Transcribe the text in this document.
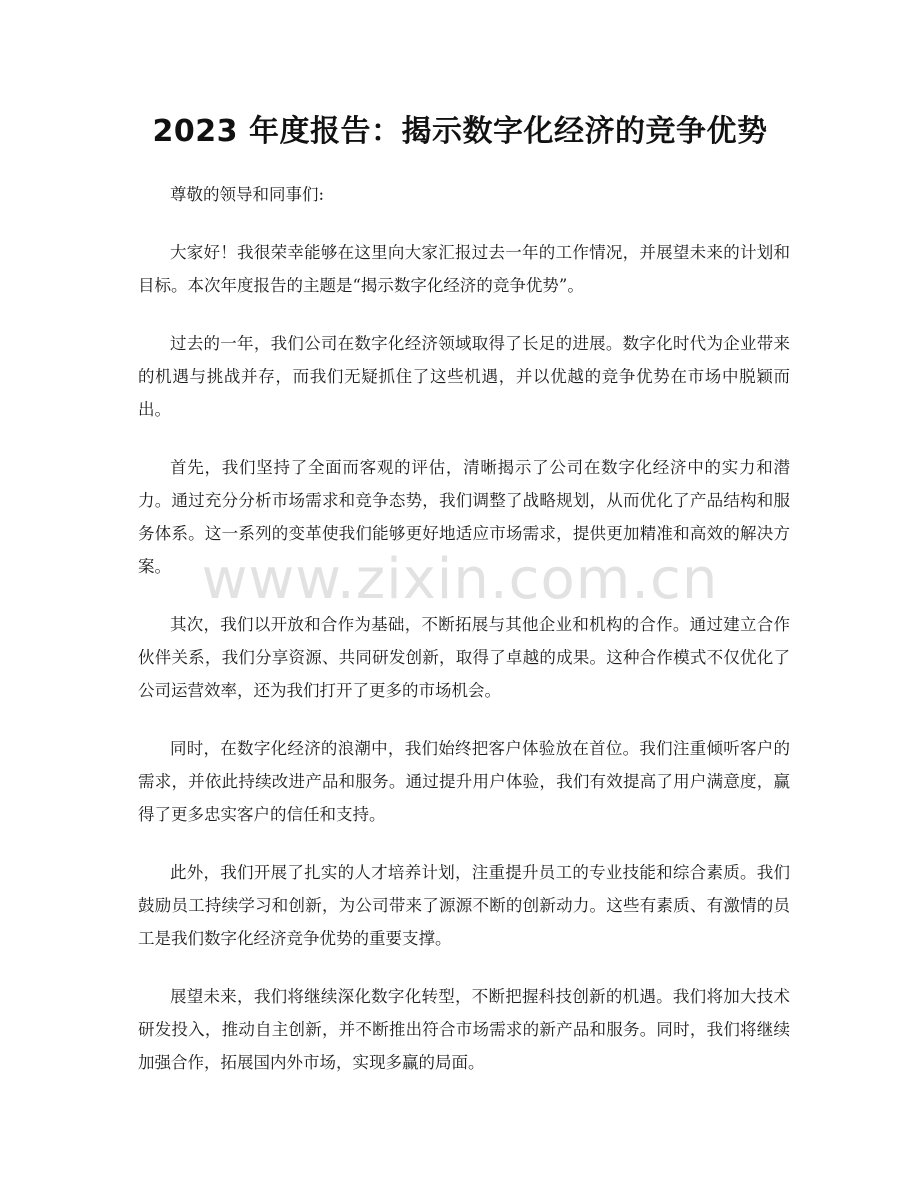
2023 年度报告：揭示数字化经济的竞争优势

尊敬的领导和同事们:

大家好！我很荣幸能够在这里向大家汇报过去一年的工作情况，并展望未来的计划和目标。本次年度报告的主题是“揭示数字化经济的竞争优势”。

过去的一年，我们公司在数字化经济领域取得了长足的进展。数字化时代为企业带来的机遇与挑战并存，而我们无疑抓住了这些机遇，并以优越的竞争优势在市场中脱颖而出。

首先，我们坚持了全面而客观的评估，清晰揭示了公司在数字化经济中的实力和潜力。通过充分分析市场需求和竞争态势，我们调整了战略规划，从而优化了产品结构和服务体系。这一系列的变革使我们能够更好地适应市场需求，提供更加精准和高效的解决方案。

其次，我们以开放和合作为基础，不断拓展与其他企业和机构的合作。通过建立合作伙伴关系，我们分享资源、共同研发创新，取得了卓越的成果。这种合作模式不仅优化了公司运营效率，还为我们打开了更多的市场机会。

同时，在数字化经济的浪潮中，我们始终把客户体验放在首位。我们注重倾听客户的需求，并依此持续改进产品和服务。通过提升用户体验，我们有效提高了用户满意度，赢得了更多忠实客户的信任和支持。

此外，我们开展了扎实的人才培养计划，注重提升员工的专业技能和综合素质。我们鼓励员工持续学习和创新，为公司带来了源源不断的创新动力。这些有素质、有激情的员工是我们数字化经济竞争优势的重要支撑。

展望未来，我们将继续深化数字化转型，不断把握科技创新的机遇。我们将加大技术研发投入，推动自主创新，并不断推出符合市场需求的新产品和服务。同时，我们将继续加强合作，拓展国内外市场，实现多赢的局面。

www.zixin.com.cn
